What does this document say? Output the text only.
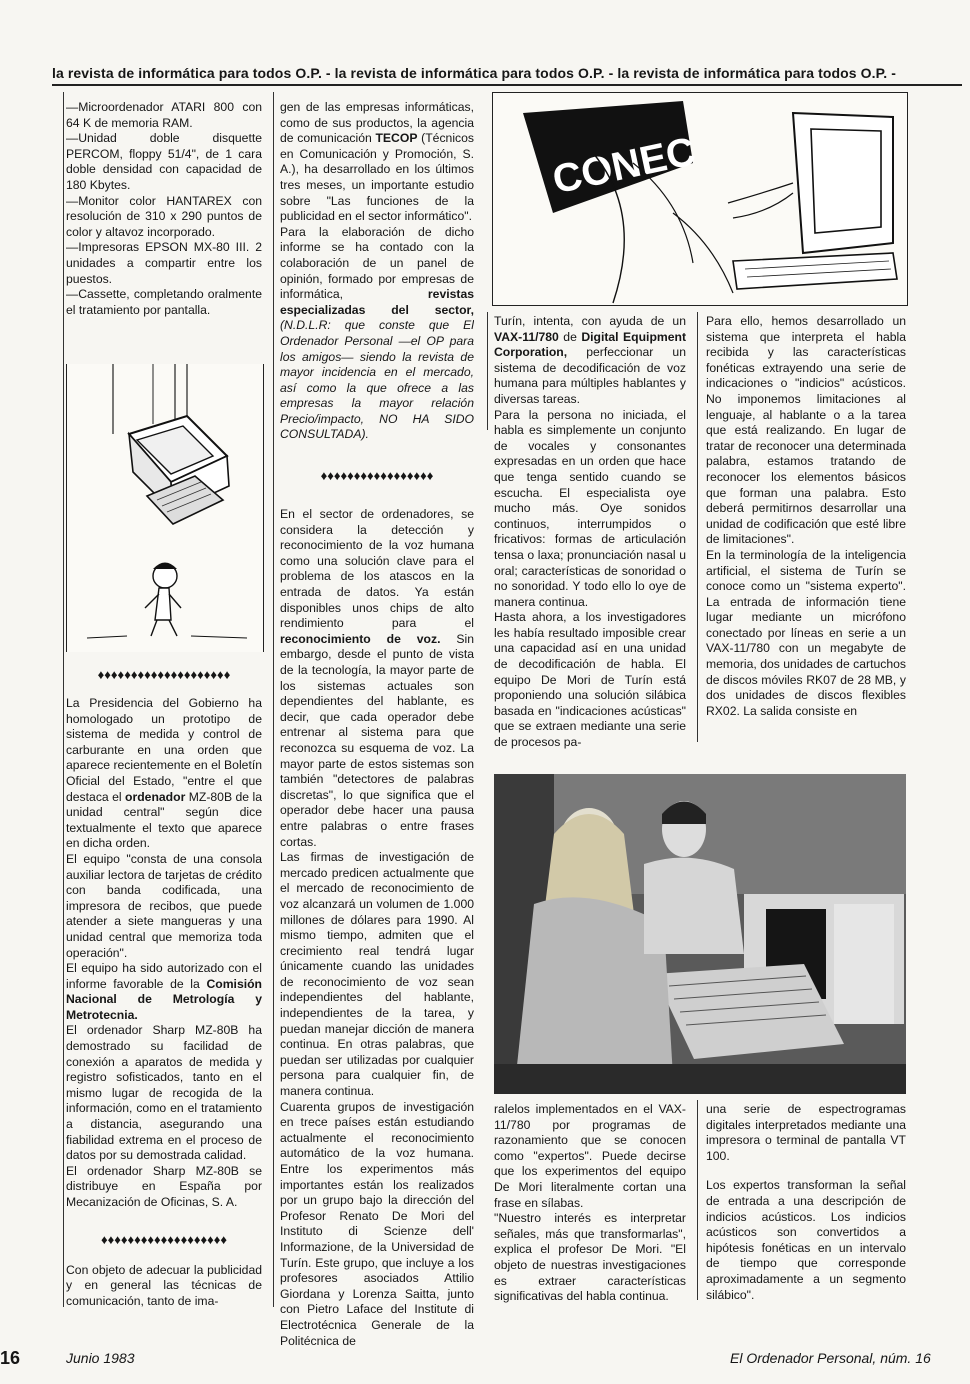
la revista de informática para todos O.P. - la revista de informática para todos O.P. - la revista de informática para todos O.P. -
—Microordenador ATARI 800 con 64 K de memoria RAM.
—Unidad doble disquette PERCOM, floppy 51/4", de 1 cara doble densidad con capacidad de 180 Kbytes.
—Monitor color HANTAREX con resolución de 310 x 290 puntos de color y altavoz incorporado.
—Impresoras EPSON MX-80 III. 2 unidades a compartir entre los puestos.
—Cassette, completando oralmente el tratamiento por pantalla.
♦♦♦♦♦♦♦♦♦♦♦♦♦♦♦♦♦♦♦♦

La Presidencia del Gobierno ha homologado un prototipo de sistema de medida y control de carburante en una orden que aparece recientemente en el Boletín Oficial del Estado, "entre el que destaca el ordenador MZ-80B de la unidad central" según dice textualmente el texto que aparece en dicha orden.

El equipo "consta de una consola auxiliar lectora de tarjetas de crédito con banda codificada, una impresora de recibos, que puede atender a siete mangueras y una unidad central que memoriza toda operación".

El equipo ha sido autorizado con el informe favorable de la Comisión Nacional de Metrología y Metrotecnia.

El ordenador Sharp MZ-80B ha demostrado su facilidad de conexión a aparatos de medida y registro sofisticados, tanto en el mismo lugar de recogida de la información, como en el tratamiento a distancia, asegurando una fiabilidad extrema en el proceso de datos por su demostrada calidad.

El ordenador Sharp MZ-80B se distribuye en España por Mecanización de Oficinas, S. A.

♦♦♦♦♦♦♦♦♦♦♦♦♦♦♦♦♦♦♦

Con objeto de adecuar la publicidad y en general las técnicas de comunicación, tanto de ima-

gen de las empresas informáticas, como de sus productos, la agencia de comunicación TECOP (Técnicos en Comunicación y Promoción, S. A.), ha desarrollado en los últimos tres meses, un importante estudio sobre "Las funciones de la publicidad en el sector informático".

Para la elaboración de dicho informe se ha contado con la colaboración de un panel de opinión, formado por empresas de informática, revistas especializadas del sector, (N.D.L.R: que conste que El Ordenador Personal —el OP para los amigos— siendo la revista de mayor incidencia en el mercado, así como la que ofrece a las empresas la mayor relación Precio/impacto, NO HA SIDO CONSULTADA).

♦♦♦♦♦♦♦♦♦♦♦♦♦♦♦♦♦

En el sector de ordenadores, se considera la detección y reconocimiento de la voz humana como una solución clave para el problema de los atascos en la entrada de datos. Ya están disponibles unos chips de alto rendimiento para el reconocimiento de voz. Sin embargo, desde el punto de vista de la tecnología, la mayor parte de los sistemas actuales son dependientes del hablante, es decir, que cada operador debe entrenar al sistema para que reconozca su esquema de voz. La mayor parte de estos sistemas son también "detectores de palabras discretas", lo que significa que el operador debe hacer una pausa entre palabras o entre frases cortas.

Las firmas de investigación de mercado predicen actualmente que el mercado de reconocimiento de voz alcanzará un volumen de 1.000 millones de dólares para 1990. Al mismo tiempo, admiten que el crecimiento real tendrá lugar únicamente cuando las unidades de reconocimiento de voz sean independientes del hablante, independientes de la tarea, y puedan manejar dicción de manera continua. En otras palabras, que puedan ser utilizadas por cualquier persona para cualquier fin, de manera continua.

Cuarenta grupos de investigación en trece países están estudiando actualmente el reconocimiento automático de la voz humana. Entre los experimentos más importantes están los realizados por un grupo bajo la dirección del Profesor Renato De Mori del Instituto di Scienze dell' Informazione, de la Universidad de Turín. Este grupo, que incluye a los profesores asociados Attilio Giordana y Lorenza Saitta, junto con Pietro Laface del Institute di Electrotécnica Generale de la Politécnica de

CONEC

Turín, intenta, con ayuda de un VAX-11/780 de Digital Equipment Corporation, perfeccionar un sistema de decodificación de voz humana para múltiples hablantes y diversas tareas.

Para la persona no iniciada, el habla es simplemente un conjunto de vocales y consonantes expresadas en un orden que hace que tenga sentido cuando se escucha. El especialista oye mucho más. Oye sonidos continuos, interrumpidos o fricativos: formas de articulación tensa o laxa; pronunciación nasal u oral; características de sonoridad o no sonoridad. Y todo ello lo oye de manera continua.

Hasta ahora, a los investigadores les había resultado imposible crear una capacidad así en una unidad de decodificación de habla. El equipo De Mori de Turín está proponiendo una solución silábica basada en "indicaciones acústicas" que se extraen mediante una serie de procesos pa-

Para ello, hemos desarrollado un sistema que interpreta el habla recibida y las características fonéticas extrayendo una serie de indicaciones o "indicios" acústicos. No imponemos limitaciones al lenguaje, al hablante o a la tarea que está realizando. En lugar de tratar de reconocer una determinada palabra, estamos tratando de reconocer los elementos básicos que forman una palabra. Esto deberá permitirnos desarrollar una unidad de codificación que esté libre de limitaciones".

En la terminología de la inteligencia artificial, el sistema de Turín se conoce como un "sistema experto". La entrada de información tiene lugar mediante un micrófono conectado por líneas en serie a un VAX-11/780 con un megabyte de memoria, dos unidades de cartuchos de discos móviles RK07 de 28 MB, y dos unidades de discos flexibles RX02. La salida consiste en

ralelos implementados en el VAX-11/780 por programas de razonamiento que se conocen como "expertos". Puede decirse que los experimentos del equipo De Mori literalmente cortan una frase en sílabas.

"Nuestro interés es interpretar señales, más que transformarlas", explica el profesor De Mori. "El objeto de nuestras investigaciones es extraer características significativas del habla continua.

una serie de espectrogramas digitales interpretados mediante una impresora o terminal de pantalla VT 100.

Los expertos transforman la señal de entrada a una descripción de indicios acústicos. Los indicios acústicos son convertidos a hipótesis fonéticas en un intervalo de tiempo que corresponde aproximadamente a un segmento silábico".

16	Junio 1983	El Ordenador Personal, núm. 16
